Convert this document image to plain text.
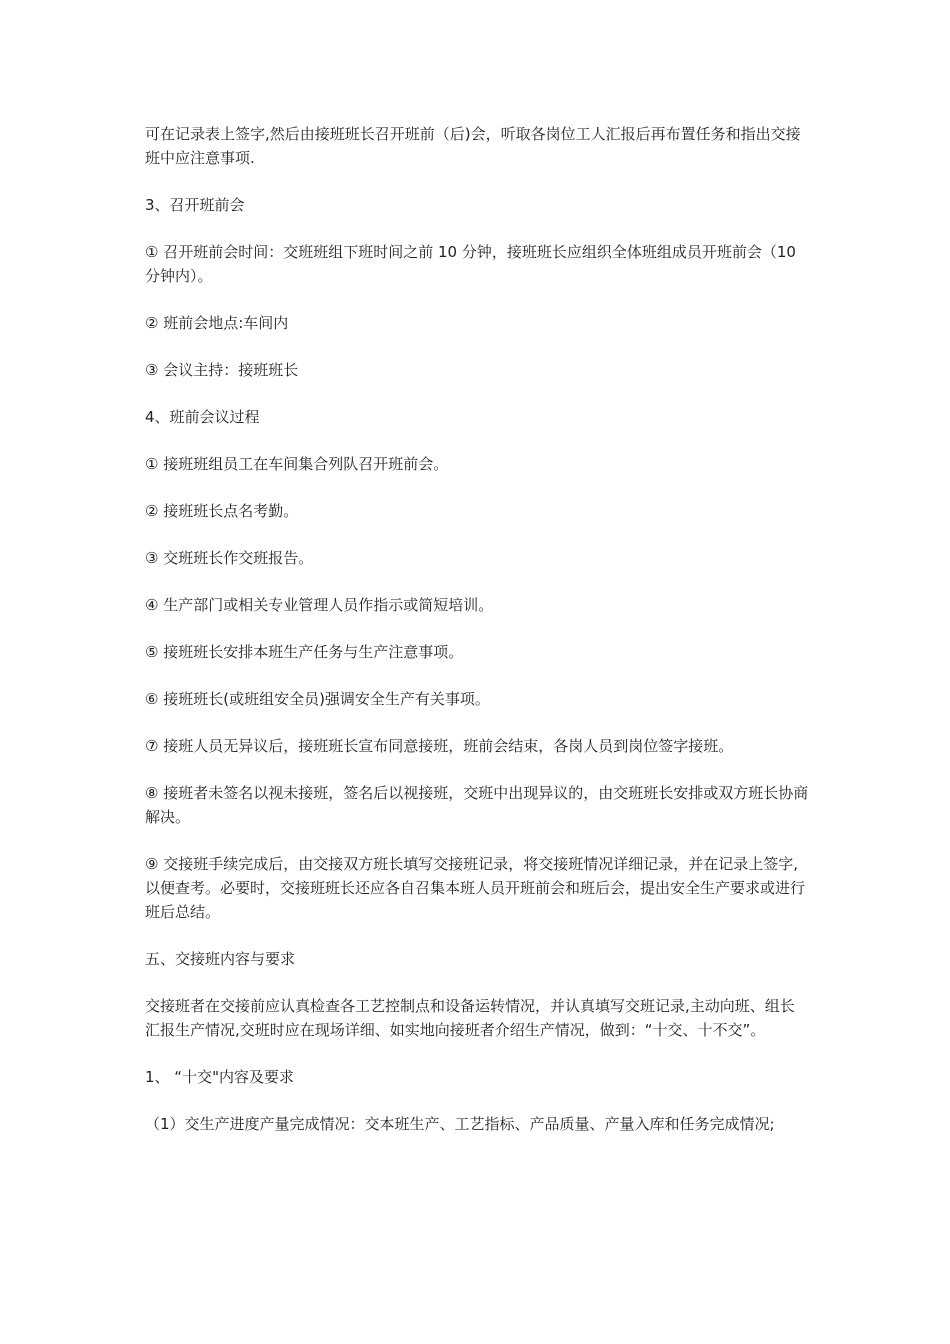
可在记录表上签字,然后由接班班长召开班前（后)会，听取各岗位工人汇报后再布置任务和指出交接班中应注意事项.

3、召开班前会

① 召开班前会时间：交班班组下班时间之前 10 分钟，接班班长应组织全体班组成员开班前会（10 分钟内）。

② 班前会地点:车间内

③ 会议主持：接班班长

4、班前会议过程

① 接班班组员工在车间集合列队召开班前会。

② 接班班长点名考勤。

③ 交班班长作交班报告。

④ 生产部门或相关专业管理人员作指示或简短培训。

⑤ 接班班长安排本班生产任务与生产注意事项。

⑥ 接班班长(或班组安全员)强调安全生产有关事项。

⑦ 接班人员无异议后，接班班长宣布同意接班，班前会结束，各岗人员到岗位签字接班。

⑧ 接班者未签名以视未接班，签名后以视接班，交班中出现异议的，由交班班长安排或双方班长协商解决。

⑨ 交接班手续完成后，由交接双方班长填写交接班记录，将交接班情况详细记录，并在记录上签字,以便查考。必要时，交接班班长还应各自召集本班人员开班前会和班后会，提出安全生产要求或进行班后总结。

五、交接班内容与要求

交接班者在交接前应认真检查各工艺控制点和设备运转情况，并认真填写交班记录,主动向班、组长汇报生产情况,交班时应在现场详细、如实地向接班者介绍生产情况，做到：“十交、十不交”。

1、 “十交"内容及要求

（1）交生产进度产量完成情况：交本班生产、工艺指标、产品质量、产量入库和任务完成情况;
